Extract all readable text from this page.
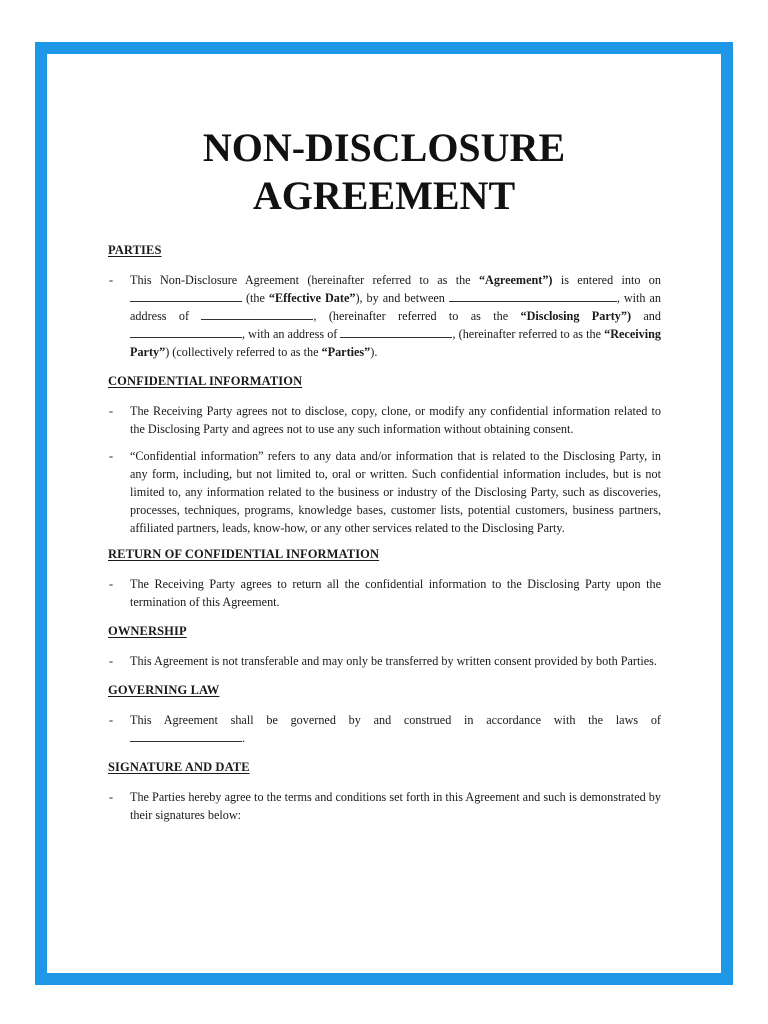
NON-DISCLOSURE
AGREEMENT
PARTIES
- This Non-Disclosure Agreement (hereinafter referred to as the “Agreement”) is entered into on  (the “Effective Date”), by and between	, with an address of	, (hereinafter referred to as the “Disclosing Party”) and , with an address of	, (hereinafter referred to as the “Receiving Party”) (collectively referred to as the “Parties”).
CONFIDENTIAL INFORMATION
- The Receiving Party agrees not to disclose, copy, clone, or modify any confidential information related to the Disclosing Party and agrees not to use any such information without obtaining consent.
- “Confidential information” refers to any data and/or information that is related to the Disclosing Party, in any form, including, but not limited to, oral or written. Such confidential information includes, but is not limited to, any information related to the business or industry of the Disclosing Party, such as discoveries, processes, techniques, programs, knowledge bases, customer lists, potential customers, business partners, affiliated partners, leads, know-how, or any other services related to the Disclosing Party.
RETURN OF CONFIDENTIAL INFORMATION
- The Receiving Party agrees to return all the confidential information to the Disclosing Party upon the termination of this Agreement.
OWNERSHIP
- This Agreement is not transferable and may only be transferred by written consent provided by both Parties.
GOVERNING LAW
- This Agreement shall be governed by and construed in accordance with the laws of
.
SIGNATURE AND DATE
- The Parties hereby agree to the terms and conditions set forth in this Agreement and such is demonstrated by their signatures below:
